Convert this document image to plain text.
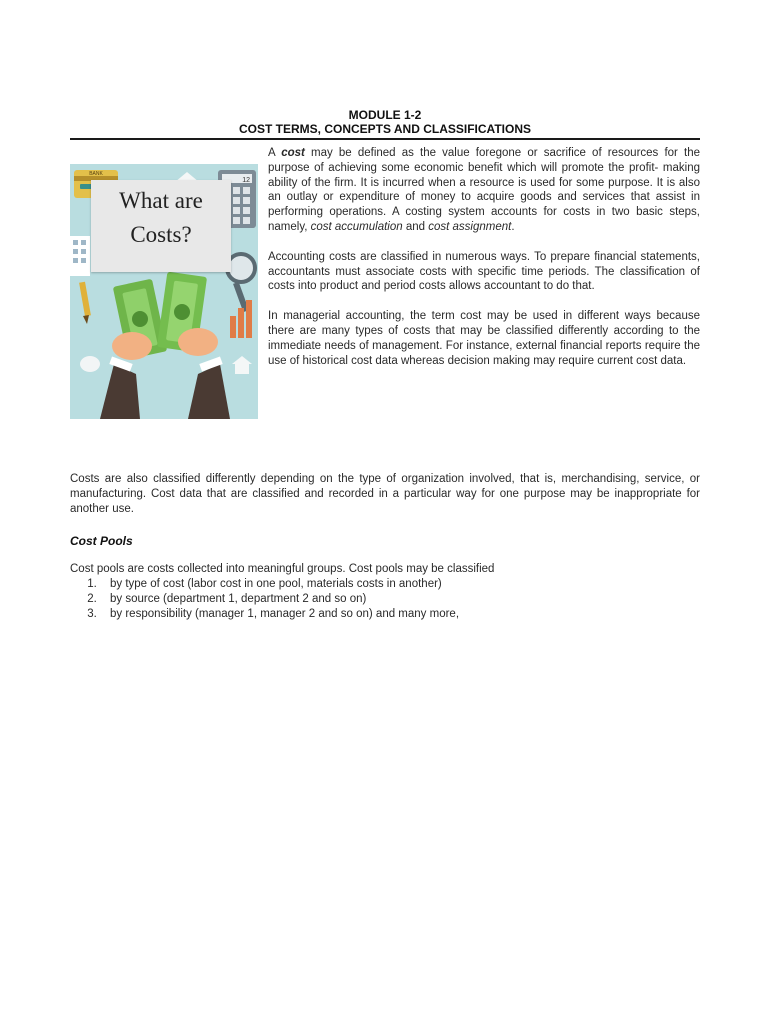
MODULE 1-2
COST TERMS, CONCEPTS AND CLASSIFICATIONS
BANK
12
What are
Costs?

A cost may be defined as the value foregone or sacrifice of resources for the purpose of achieving some economic benefit which will promote the profit- making ability of the firm. It is incurred when a resource is used for some purpose. It is also an outlay or expenditure of money to acquire goods and services that assist in performing operations. A costing system accounts for costs in two basic steps, namely, cost accumulation and cost assignment.

Accounting costs are classified in numerous ways. To prepare financial statements, accountants must associate costs with specific time periods. The classification of costs into product and period costs allows accountant to do that.

In managerial accounting, the term cost may be used in different ways because there are many types of costs that may be classified differently according to the immediate needs of management. For instance, external financial reports require the use of historical cost data whereas decision making may require current cost data.

Costs are also classified differently depending on the type of organization involved, that is, merchandising, service, or manufacturing. Cost data that are classified and recorded in a particular way for one purpose may be inappropriate for another use.

Cost Pools

Cost pools are costs collected into meaningful groups. Cost pools may be classified

1. by type of cost (labor cost in one pool, materials costs in another)
2. by source (department 1, department 2 and so on)
3. by responsibility (manager 1, manager 2 and so on) and many more,
